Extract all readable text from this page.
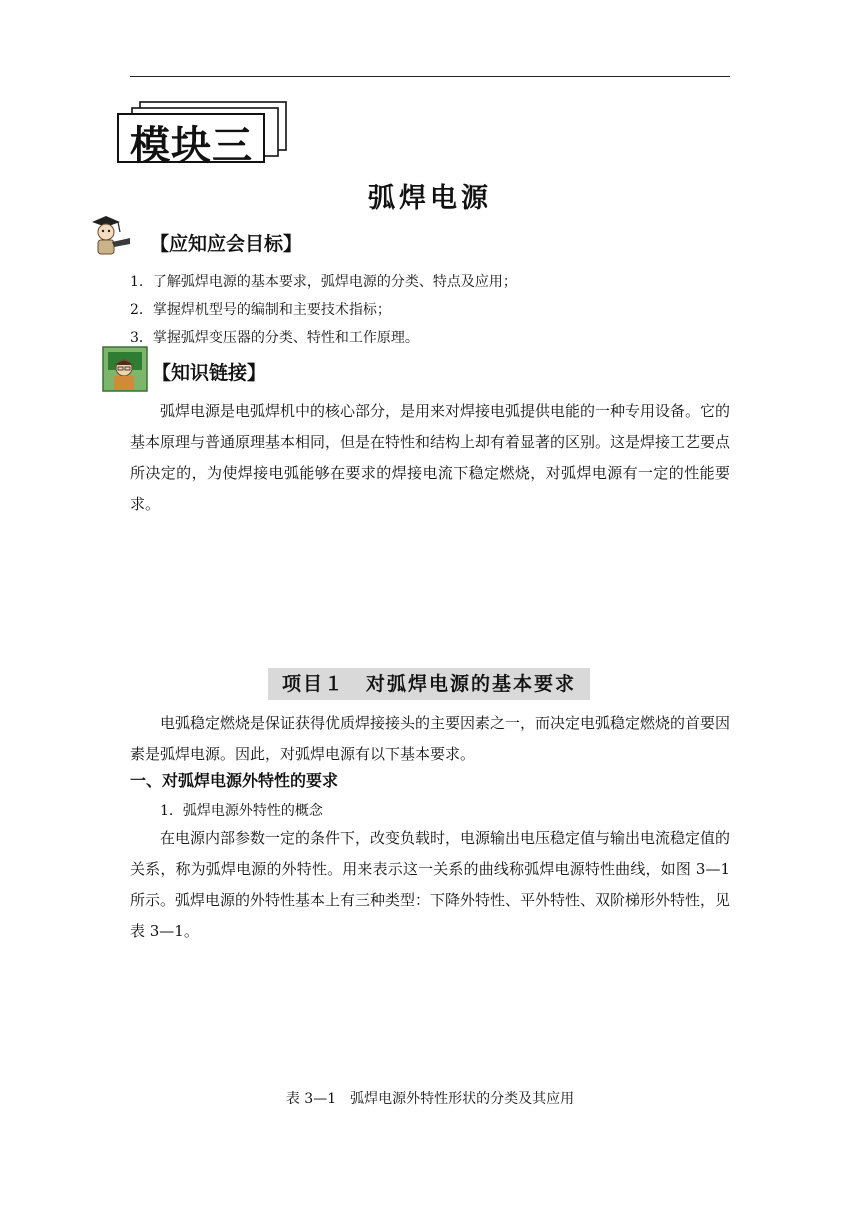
模块三
弧焊电源
【应知应会目标】
1．了解弧焊电源的基本要求，弧焊电源的分类、特点及应用；
2．掌握焊机型号的编制和主要技术指标；
3．掌握弧焊变压器的分类、特性和工作原理。
【知识链接】

弧焊电源是电弧焊机中的核心部分，是用来对焊接电弧提供电能的一种专用设备。它的基本原理与普通原理基本相同，但是在特性和结构上却有着显著的区别。这是焊接工艺要点所决定的，为使焊接电弧能够在要求的焊接电流下稳定燃烧，对弧焊电源有一定的性能要求。

项目１　对弧焊电源的基本要求

电弧稳定燃烧是保证获得优质焊接接头的主要因素之一，而决定电弧稳定燃烧的首要因素是弧焊电源。因此，对弧焊电源有以下基本要求。

一、对弧焊电源外特性的要求
1．弧焊电源外特性的概念

在电源内部参数一定的条件下，改变负载时，电源输出电压稳定值与输出电流稳定值的关系，称为弧焊电源的外特性。用来表示这一关系的曲线称弧焊电源特性曲线，如图 3—1 所示。弧焊电源的外特性基本上有三种类型：下降外特性、平外特性、双阶梯形外特性，见表 3—1。

表 3—1　弧焊电源外特性形状的分类及其应用
